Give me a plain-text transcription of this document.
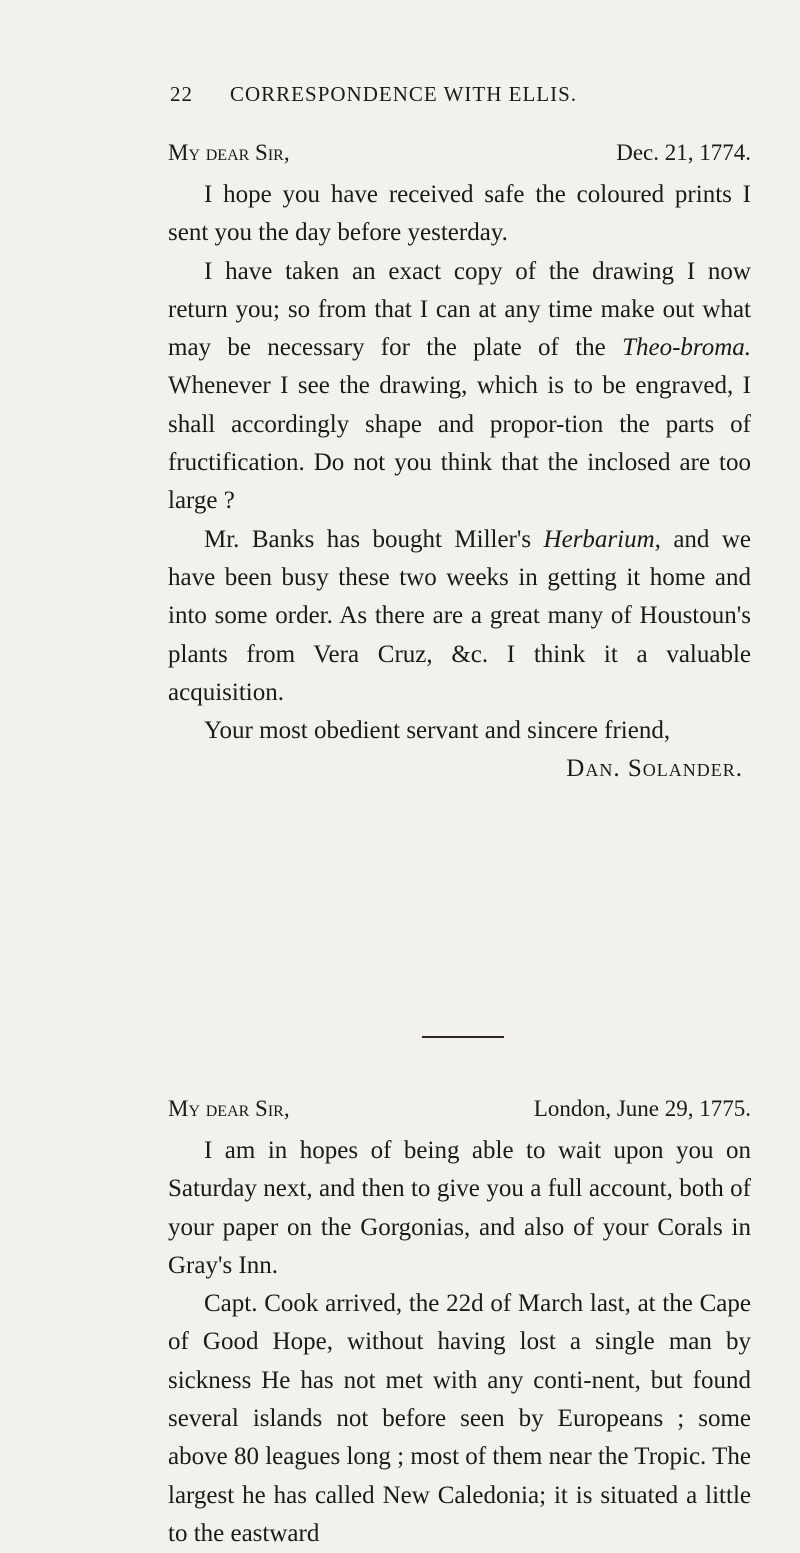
22 CORRESPONDENCE WITH ELLIS.
My dear Sir,	Dec. 21, 1774.

I hope you have received safe the coloured prints I sent you the day before yesterday.

I have taken an exact copy of the drawing I now return you; so from that I can at any time make out what may be necessary for the plate of the Theo-broma. Whenever I see the drawing, which is to be engraved, I shall accordingly shape and propor-tion the parts of fructification. Do not you think that the inclosed are too large ?

Mr. Banks has bought Miller's Herbarium, and we have been busy these two weeks in getting it home and into some order. As there are a great many of Houstoun's plants from Vera Cruz, &c. I think it a valuable acquisition.

Your most obedient servant and sincere friend,

Dan. Solander.

My dear Sir,	London, June 29, 1775.

I am in hopes of being able to wait upon you on Saturday next, and then to give you a full account, both of your paper on the Gorgonias, and also of your Corals in Gray's Inn.

Capt. Cook arrived, the 22d of March last, at the Cape of Good Hope, without having lost a single man by sickness He has not met with any conti-nent, but found several islands not before seen by Europeans ; some above 80 leagues long ; most of them near the Tropic. The largest he has called New Caledonia; it is situated a little to the eastward
